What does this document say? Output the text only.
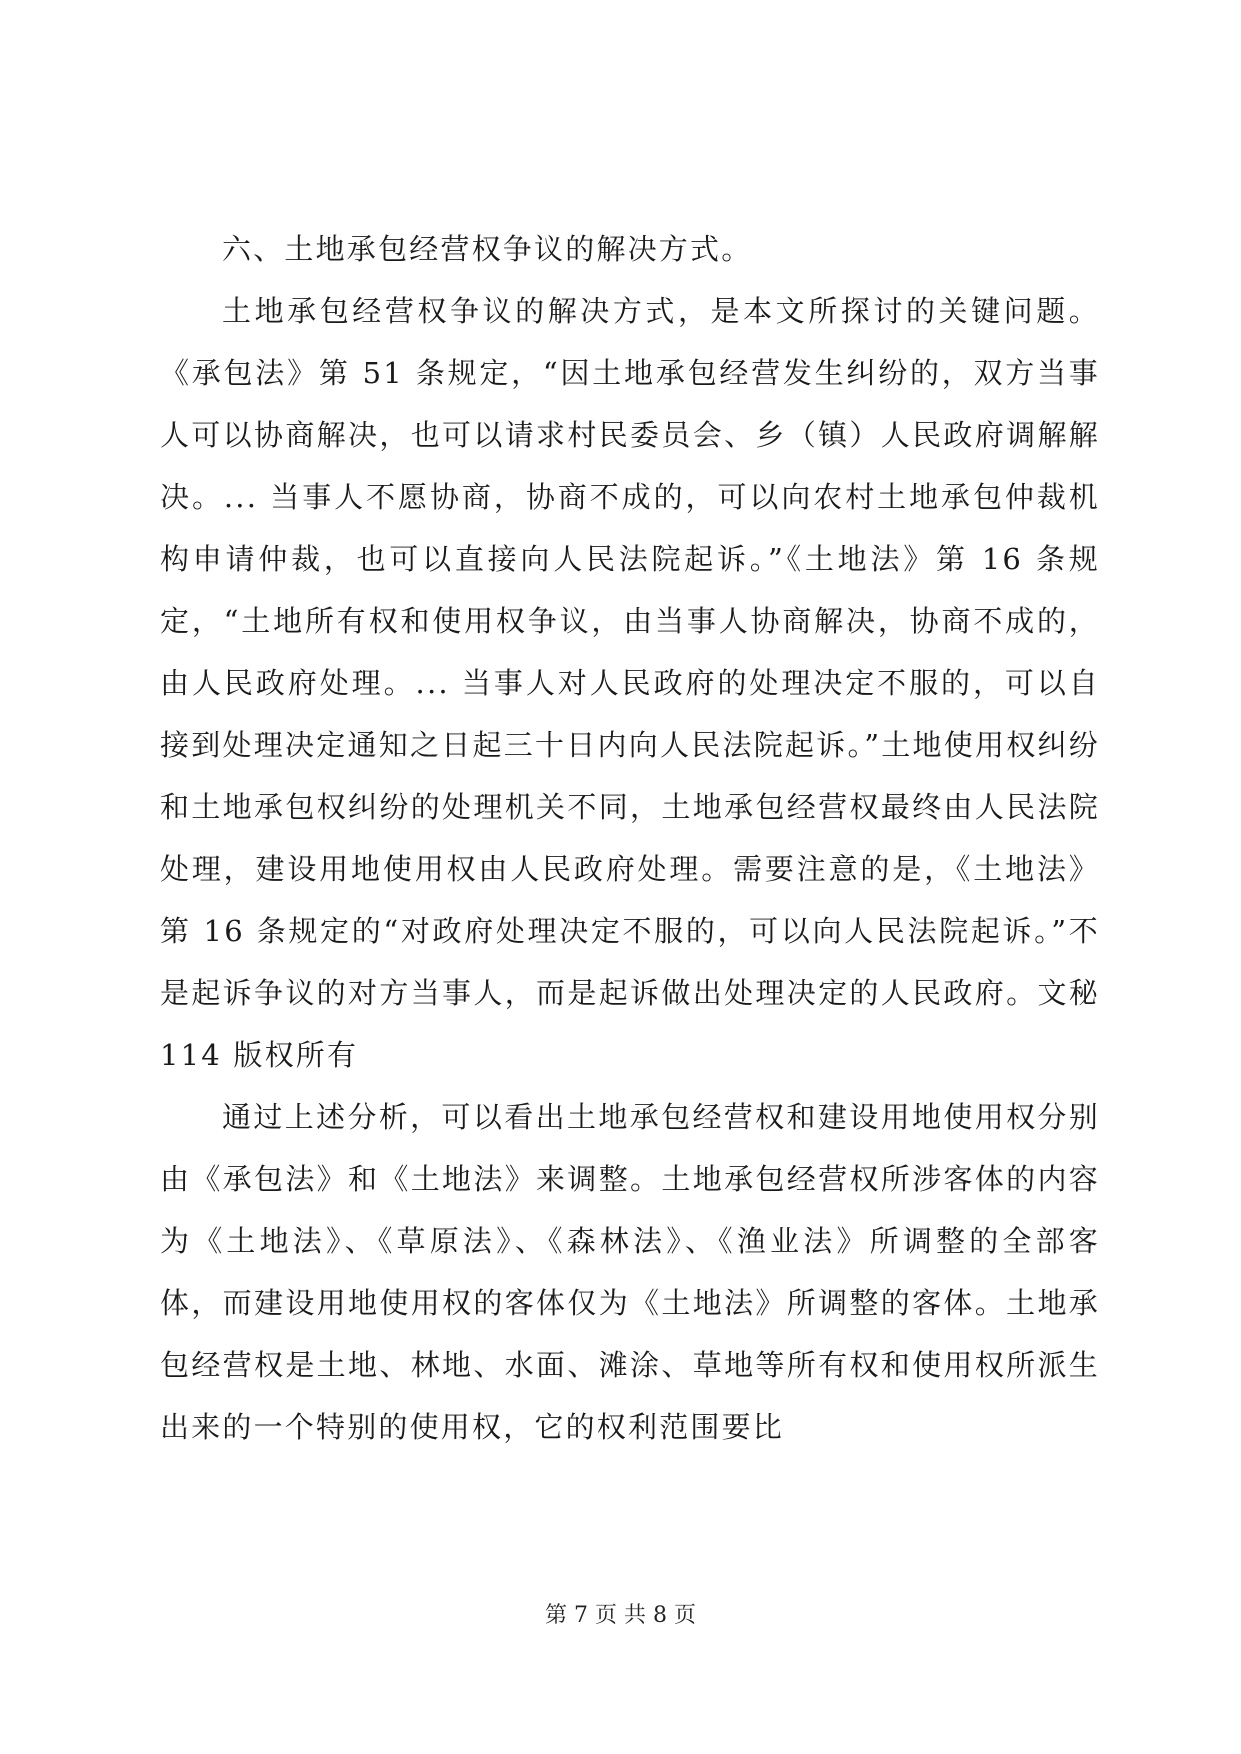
六、土地承包经营权争议的解决方式。

土地承包经营权争议的解决方式，是本文所探讨的关键问题。《承包法》第 51 条规定，“因土地承包经营发生纠纷的，双方当事人可以协商解决，也可以请求村民委员会、乡（镇）人民政府调解解决。... 当事人不愿协商，协商不成的，可以向农村土地承包仲裁机构申请仲裁，也可以直接向人民法院起诉。”《土地法》第 16 条规定，“土地所有权和使用权争议，由当事人协商解决，协商不成的，由人民政府处理。... 当事人对人民政府的处理决定不服的，可以自接到处理决定通知之日起三十日内向人民法院起诉。”土地使用权纠纷和土地承包权纠纷的处理机关不同，土地承包经营权最终由人民法院处理，建设用地使用权由人民政府处理。需要注意的是，《土地法》第 16 条规定的“对政府处理决定不服的，可以向人民法院起诉。”不是起诉争议的对方当事人，而是起诉做出处理决定的人民政府。文秘 114 版权所有

通过上述分析，可以看出土地承包经营权和建设用地使用权分别由《承包法》和《土地法》来调整。土地承包经营权所涉客体的内容为《土地法》、《草原法》、《森林法》、《渔业法》所调整的全部客体，而建设用地使用权的客体仅为《土地法》所调整的客体。土地承包经营权是土地、林地、水面、滩涂、草地等所有权和使用权所派生出来的一个特别的使用权，它的权利范围要比

第 7 页 共 8 页
